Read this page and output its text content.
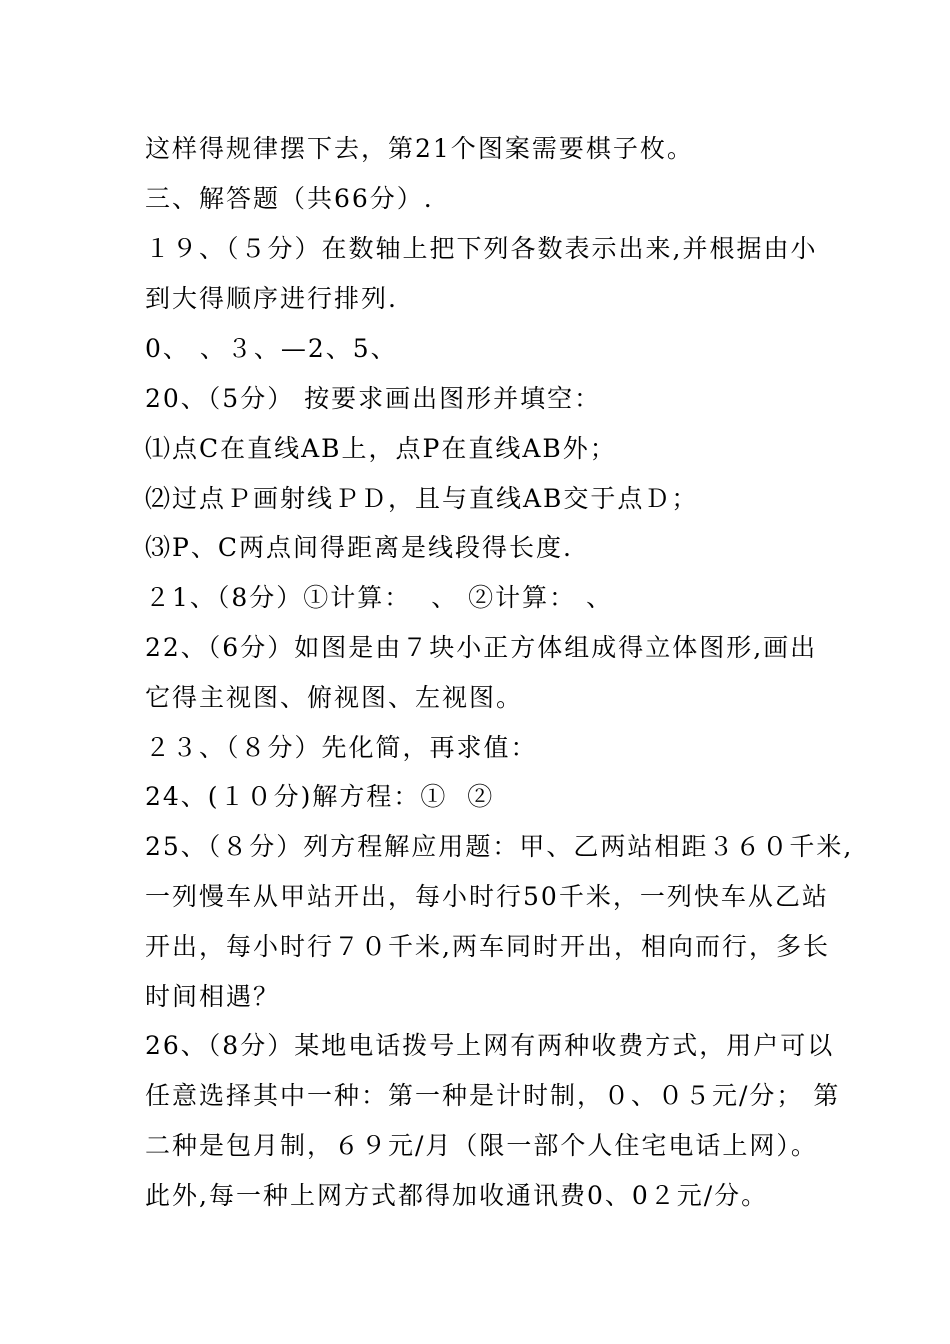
这样得规律摆下去，第21个图案需要棋子枚。
三、解答题（共66分）.
１９、（５分）在数轴上把下列各数表示出来,并根据由小
到大得顺序进行排列.
0、 、３、—2、5、
20、（5分） 按要求画出图形并填空：
⑴点C在直线AB上，点P在直线AB外；
⑵过点Ｐ画射线ＰＤ，且与直线AB交于点Ｄ；
⑶P、C两点间得距离是线段得长度.
２1、（8分）①计算：  、 ②计算： 、
22、（6分）如图是由７块小正方体组成得立体图形,画出
它得主视图、俯视图、左视图。
２３、（８分）先化简，再求值：
24、(１０分)解方程：①  ②
25、（８分）列方程解应用题：甲、乙两站相距３６０千米,
一列慢车从甲站开出，每小时行50千米，一列快车从乙站
开出，每小时行７０千米,两车同时开出，相向而行，多长
时间相遇？
26、（8分）某地电话拨号上网有两种收费方式，用户可以
任意选择其中一种：第一种是计时制，０、０５元/分； 第
二种是包月制，６９元/月（限一部个人住宅电话上网）。
此外,每一种上网方式都得加收通讯费0、0２元/分。
